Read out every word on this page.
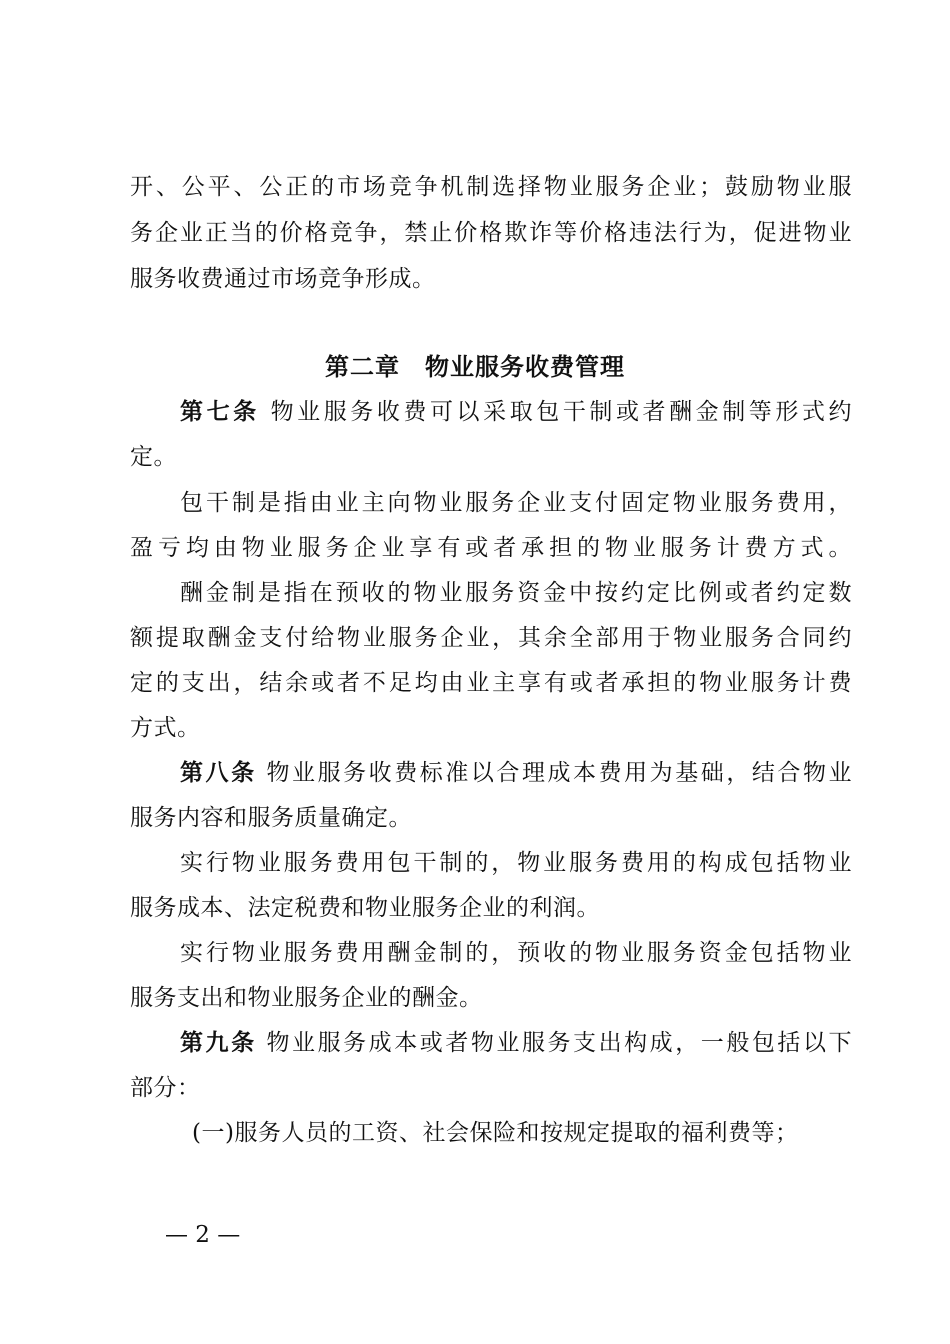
开、公平、公正的市场竞争机制选择物业服务企业；鼓励物业服
务企业正当的价格竞争，禁止价格欺诈等价格违法行为，促进物业
服务收费通过市场竞争形成。
第二章　物业服务收费管理
第七条 物业服务收费可以采取包干制或者酬金制等形式约
定。
包干制是指由业主向物业服务企业支付固定物业服务费用，
盈亏均由物业服务企业享有或者承担的物业服务计费方式。
酬金制是指在预收的物业服务资金中按约定比例或者约定数
额提取酬金支付给物业服务企业，其余全部用于物业服务合同约
定的支出，结余或者不足均由业主享有或者承担的物业服务计费
方式。
第八条 物业服务收费标准以合理成本费用为基础，结合物业
服务内容和服务质量确定。
实行物业服务费用包干制的，物业服务费用的构成包括物业
服务成本、法定税费和物业服务企业的利润。
实行物业服务费用酬金制的，预收的物业服务资金包括物业
服务支出和物业服务企业的酬金。
第九条 物业服务成本或者物业服务支出构成，一般包括以下
部分：
(一)服务人员的工资、社会保险和按规定提取的福利费等；
— 2 —
